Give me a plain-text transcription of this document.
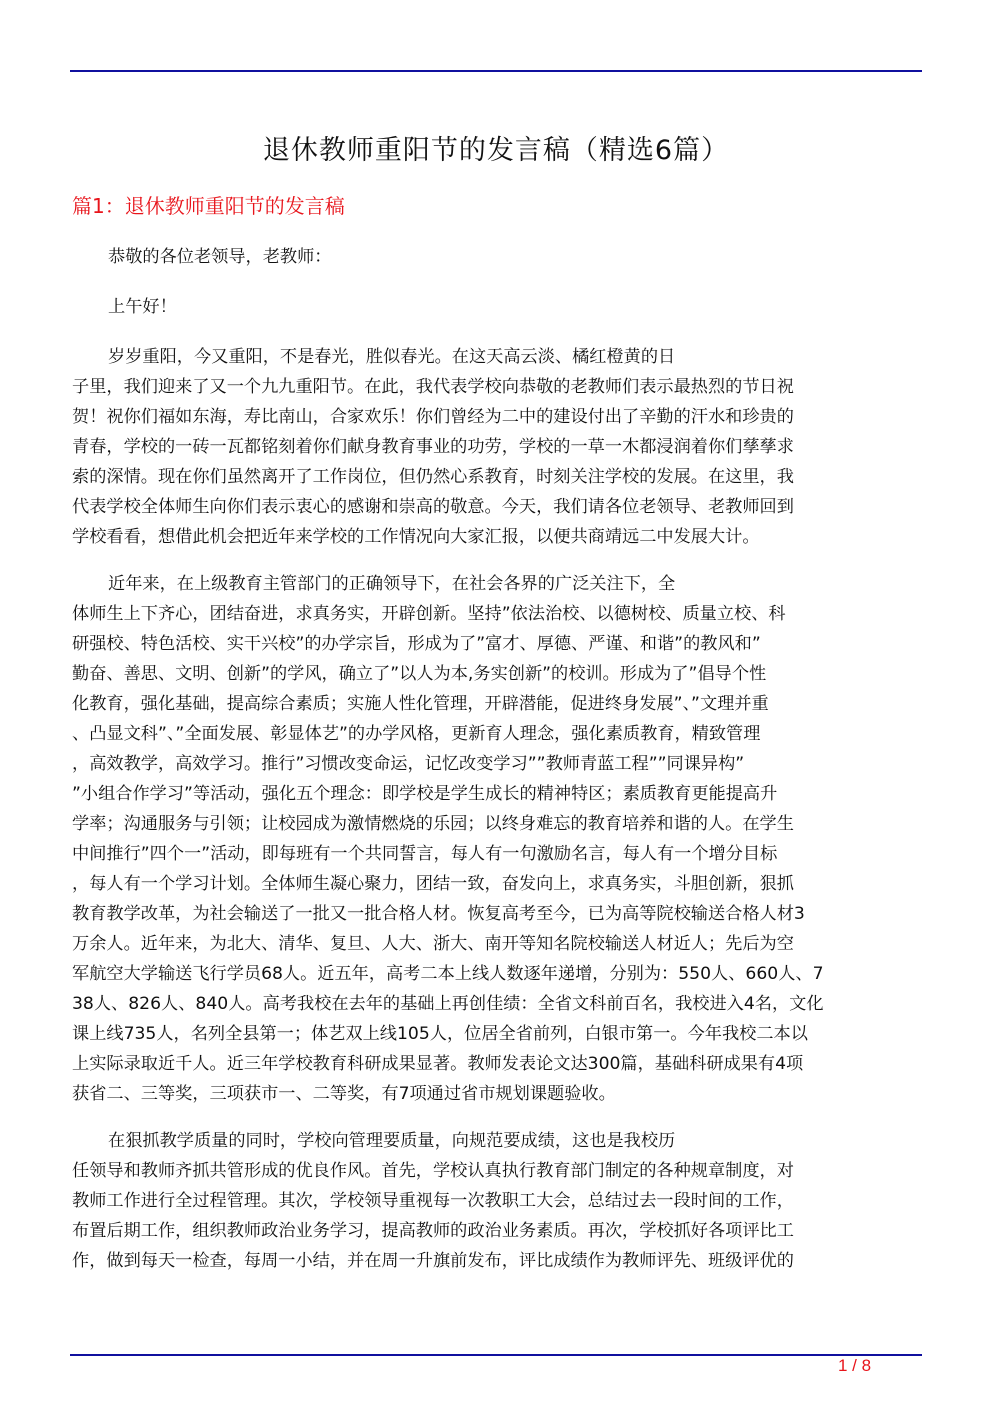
退休教师重阳节的发言稿（精选6篇）
篇1：退休教师重阳节的发言稿
恭敬的各位老领导，老教师：
上午好！
岁岁重阳，今又重阳，不是春光，胜似春光。在这天高云淡、橘红橙黄的日
子里，我们迎来了又一个九九重阳节。在此，我代表学校向恭敬的老教师们表示最热烈的节日祝
贺！祝你们福如东海，寿比南山，合家欢乐！你们曾经为二中的建设付出了辛勤的汗水和珍贵的
青春，学校的一砖一瓦都铭刻着你们献身教育事业的功劳，学校的一草一木都浸润着你们孳孳求
索的深情。现在你们虽然离开了工作岗位，但仍然心系教育，时刻关注学校的发展。在这里，我
代表学校全体师生向你们表示衷心的感谢和崇高的敬意。今天，我们请各位老领导、老教师回到
学校看看，想借此机会把近年来学校的工作情况向大家汇报，以便共商靖远二中发展大计。
近年来，在上级教育主管部门的正确领导下，在社会各界的广泛关注下，全
体师生上下齐心，团结奋进，求真务实，开辟创新。坚持”依法治校、以德树校、质量立校、科
研强校、特色活校、实干兴校”的办学宗旨，形成为了”富才、厚德、严谨、和谐”的教风和”
勤奋、善思、文明、创新”的学风，确立了”以人为本,务实创新”的校训。形成为了”倡导个性
化教育，强化基础，提高综合素质；实施人性化管理，开辟潜能，促进终身发展”、”文理并重
、凸显文科”、”全面发展、彰显体艺”的办学风格，更新育人理念，强化素质教育，精致管理
，高效教学，高效学习。推行”习惯改变命运，记忆改变学习””教师青蓝工程””同课异构”
”小组合作学习”等活动，强化五个理念：即学校是学生成长的精神特区；素质教育更能提高升
学率；沟通服务与引领；让校园成为激情燃烧的乐园；以终身难忘的教育培养和谐的人。在学生
中间推行”四个一”活动，即每班有一个共同誓言，每人有一句激励名言，每人有一个增分目标
，每人有一个学习计划。全体师生凝心聚力，团结一致，奋发向上，求真务实，斗胆创新，狠抓
教育教学改革，为社会输送了一批又一批合格人材。恢复高考至今，已为高等院校输送合格人材3
万余人。近年来，为北大、清华、复旦、人大、浙大、南开等知名院校输送人材近人；先后为空
军航空大学输送飞行学员68人。近五年，高考二本上线人数逐年递增，分别为：550人、660人、7
38人、826人、840人。高考我校在去年的基础上再创佳绩：全省文科前百名，我校进入4名，文化
课上线735人，名列全县第一；体艺双上线105人，位居全省前列，白银市第一。今年我校二本以
上实际录取近千人。近三年学校教育科研成果显著。教师发表论文达300篇，基础科研成果有4项
获省二、三等奖，三项获市一、二等奖，有7项通过省市规划课题验收。
在狠抓教学质量的同时，学校向管理要质量，向规范要成绩，这也是我校历
任领导和教师齐抓共管形成的优良作风。首先，学校认真执行教育部门制定的各种规章制度，对
教师工作进行全过程管理。其次，学校领导重视每一次教职工大会，总结过去一段时间的工作，
布置后期工作，组织教师政治业务学习，提高教师的政治业务素质。再次，学校抓好各项评比工
作，做到每天一检查，每周一小结，并在周一升旗前发布，评比成绩作为教师评先、班级评优的
1 / 8
